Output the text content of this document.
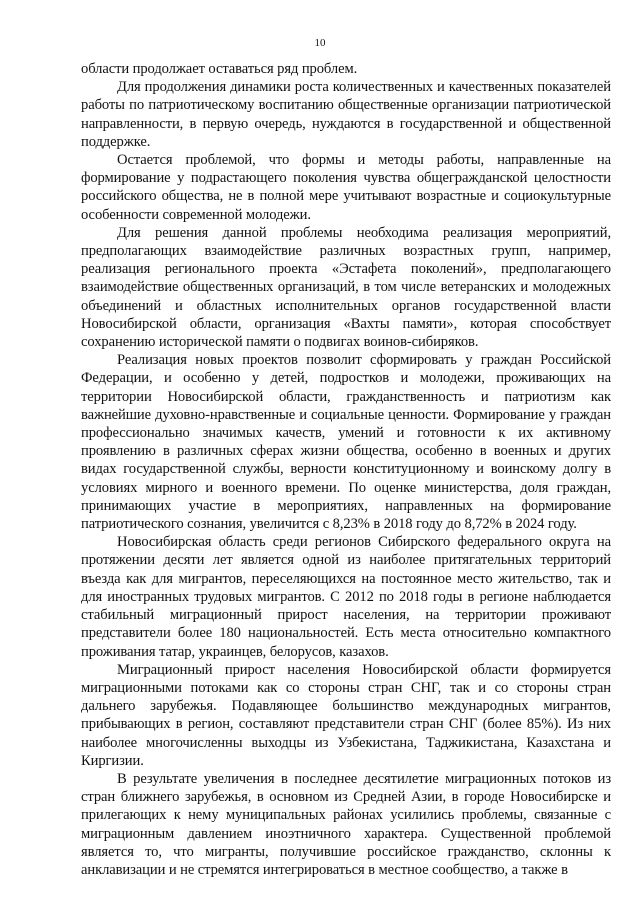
10

области продолжает оставаться ряд проблем.

Для продолжения динамики роста количественных и качественных показателей работы по патриотическому воспитанию общественные организации патриотической направленности, в первую очередь, нуждаются в государственной и общественной поддержке.

Остается проблемой, что формы и методы работы, направленные на формирование у подрастающего поколения чувства общегражданской целостности российского общества, не в полной мере учитывают возрастные и социокультурные особенности современной молодежи.

Для решения данной проблемы необходима реализация мероприятий, предполагающих взаимодействие различных возрастных групп, например, реализация регионального проекта «Эстафета поколений», предполагающего взаимодействие общественных организаций, в том числе ветеранских и молодежных объединений и областных исполнительных органов государственной власти Новосибирской области, организация «Вахты памяти», которая способствует сохранению исторической памяти о подвигах воинов-сибиряков.

Реализация новых проектов позволит сформировать у граждан Российской Федерации, и особенно у детей, подростков и молодежи, проживающих на территории Новосибирской области, гражданственность и патриотизм как важнейшие духовно-нравственные и социальные ценности. Формирование у граждан профессионально значимых качеств, умений и готовности к их активному проявлению в различных сферах жизни общества, особенно в военных и других видах государственной службы, верности конституционному и воинскому долгу в условиях мирного и военного времени. По оценке министерства, доля граждан, принимающих участие в мероприятиях, направленных на формирование патриотического сознания, увеличится с 8,23% в 2018 году до 8,72% в 2024 году.

Новосибирская область среди регионов Сибирского федерального округа на протяжении десяти лет является одной из наиболее притягательных территорий въезда как для мигрантов, переселяющихся на постоянное место жительство, так и для иностранных трудовых мигрантов. С 2012 по 2018 годы в регионе наблюдается стабильный миграционный прирост населения, на территории проживают представители более 180 национальностей. Есть места относительно компактного проживания татар, украинцев, белорусов, казахов.

Миграционный прирост населения Новосибирской области формируется миграционными потоками как со стороны стран СНГ, так и со стороны стран дальнего зарубежья. Подавляющее большинство международных мигрантов, прибывающих в регион, составляют представители стран СНГ (более 85%). Из них наиболее многочисленны выходцы из Узбекистана, Таджикистана, Казахстана и Киргизии.

В результате увеличения в последнее десятилетие миграционных потоков из стран ближнего зарубежья, в основном из Средней Азии, в городе Новосибирске и прилегающих к нему муниципальных районах усилились проблемы, связанные с миграционным давлением иноэтничного характера. Существенной проблемой является то, что мигранты, получившие российское гражданство, склонны к анклавизации и не стремятся интегрироваться в местное сообщество, а также в
